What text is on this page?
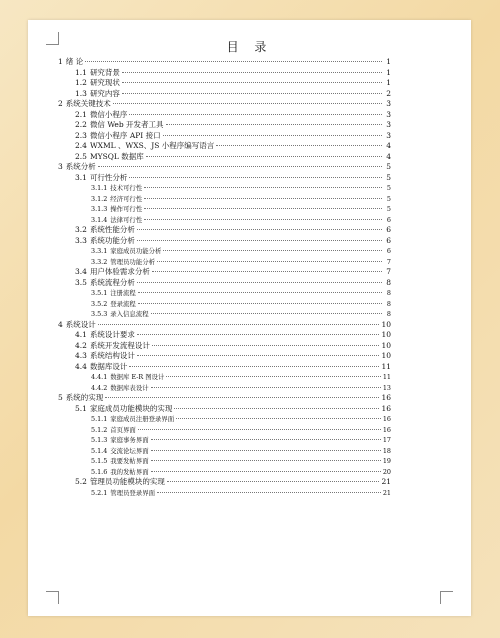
目 录
1 绪 论	1
1.1 研究背景	1
1.2 研究现状	1
1.3 研究内容	2
2 系统关键技术	3
2.1 微信小程序	3
2.2 微信 Web 开发者工具	3
2.3 微信小程序 API 接口	3
2.4 WXML 、WXS、JS 小程序编写语言	4
2.5 MYSQL 数据库	4
3 系统分析	5
3.1 可行性分析	5
3.1.1 技术可行性	5
3.1.2 经济可行性	5
3.1.3 操作可行性	5
3.1.4 法律可行性	6
3.2 系统性能分析	6
3.3 系统功能分析	6
3.3.1 家庭成员功能分析	6
3.3.2 管理员功能分析	7
3.4 用户体验需求分析	7
3.5 系统流程分析	8
3.5.1 注册流程	8
3.5.2 登录流程	8
3.5.3 录入信息流程	8
4 系统设计	10
4.1 系统设计要求	10
4.2 系统开发流程设计	10
4.3 系统结构设计	10
4.4 数据库设计	11
4.4.1 数据库 E-R 图设计	11
4.4.2 数据库表设计	13
5 系统的实现	16
5.1 家庭成员功能模块的实现	16
5.1.1 家庭成员注册登录界面	16
5.1.2 首页界面	16
5.1.3 家庭事务界面	17
5.1.4 交流论坛界面	18
5.1.5 我要发帖界面	19
5.1.6 我的发帖界面	20
5.2 管理员功能模块的实现	21
5.2.1 管理员登录界面	21
